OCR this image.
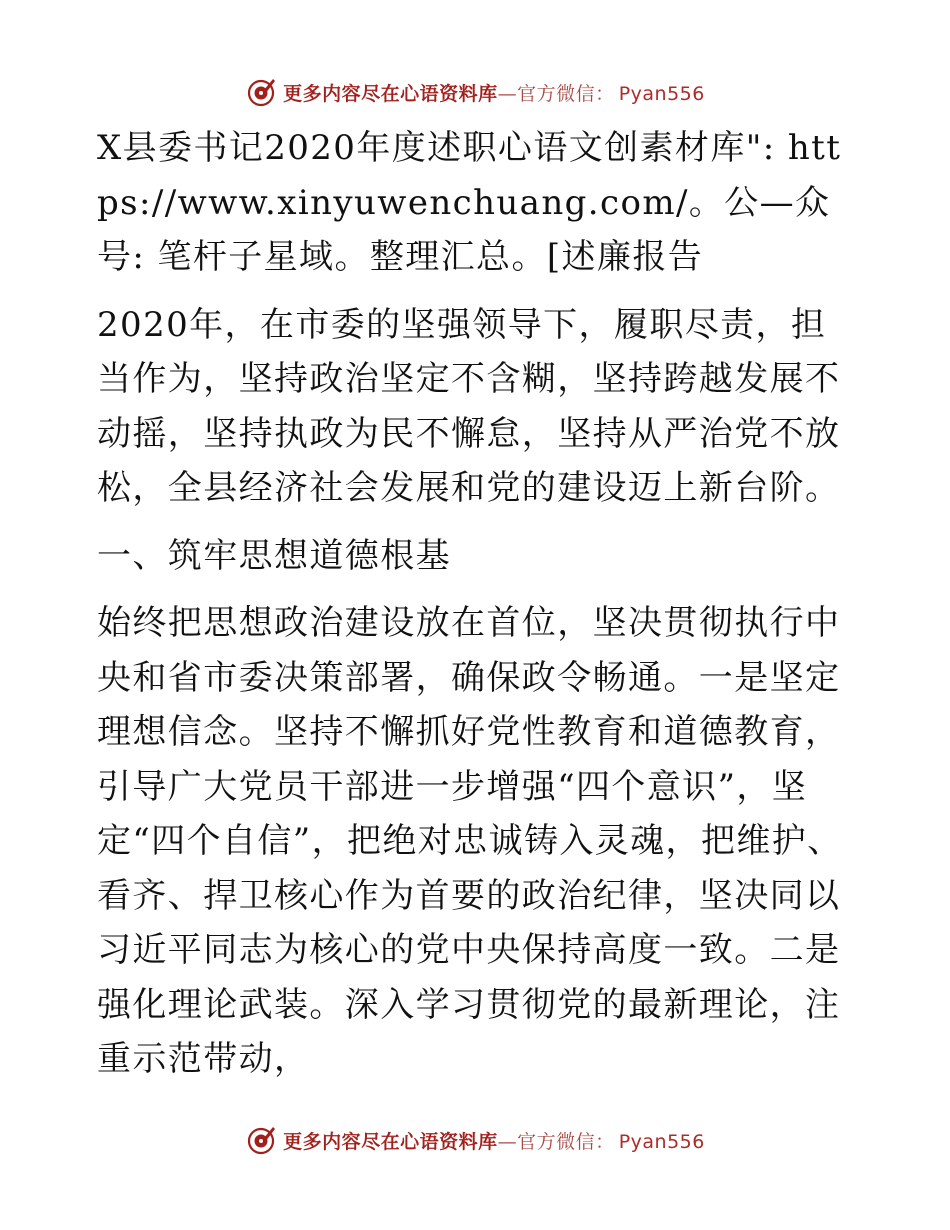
更多内容尽在心语资料库—官方微信： Pyan556

X县委书记2020年度述职心语文创素材库": https://www.xinyuwenchuang.com/。公—众号: 笔杆子星域。整理汇总。[述廉报告

2020年，在市委的坚强领导下，履职尽责，担当作为，坚持政治坚定不含糊，坚持跨越发展不动摇，坚持执政为民不懈怠，坚持从严治党不放松，全县经济社会发展和党的建设迈上新台阶。

一、筑牢思想道德根基

始终把思想政治建设放在首位，坚决贯彻执行中央和省市委决策部署，确保政令畅通。一是坚定理想信念。坚持不懈抓好党性教育和道德教育，引导广大党员干部进一步增强“四个意识”，坚定“四个自信”，把绝对忠诚铸入灵魂，把维护、看齐、捍卫核心作为首要的政治纪律，坚决同以习近平同志为核心的党中央保持高度一致。二是强化理论武装。深入学习贯彻党的最新理论，注重示范带动，

更多内容尽在心语资料库—官方微信： Pyan556
